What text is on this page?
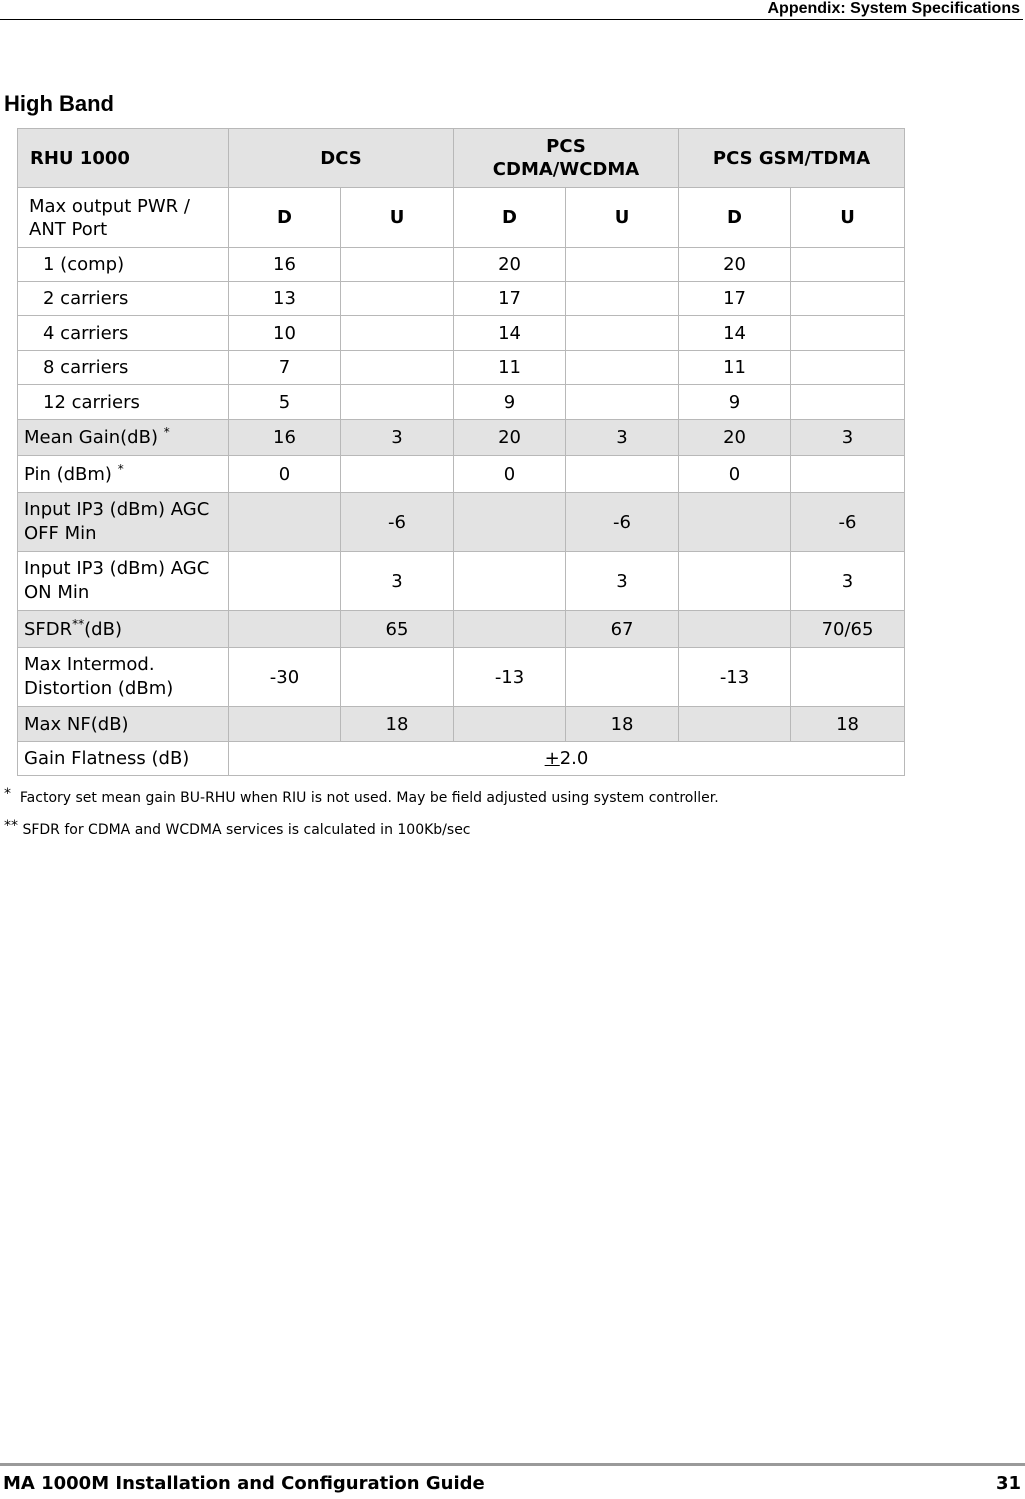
Appendix: System Specifications
High Band
RHU 1000	DCS		PCS CDMA/WCDMA		PCS GSM/TDMA	
Max output PWR / ANT Port	D	U	D	U	D	U
1 (comp)	16		20		20	
2 carriers	13		17		17	
4 carriers	10		14		14	
8 carriers	7		11		11	
12 carriers	5		9		9	
Mean Gain(dB) *	16	3	20	3	20	3
Pin (dBm) *	0		0		0	
Input IP3 (dBm) AGC OFF Min		-6		-6		-6
Input IP3 (dBm) AGC ON Min		3		3		3
SFDR**(dB)		65		67		70/65
Max Intermod. Distortion (dBm)	-30		-13		-13	
Max NF(dB)		18		18		18
Gain Flatness (dB)	+2.0					
* Factory set mean gain BU-RHU when RIU is not used. May be field adjusted using system controller.
** SFDR for CDMA and WCDMA services is calculated in 100Kb/sec
MA 1000M Installation and Configuration Guide	31
